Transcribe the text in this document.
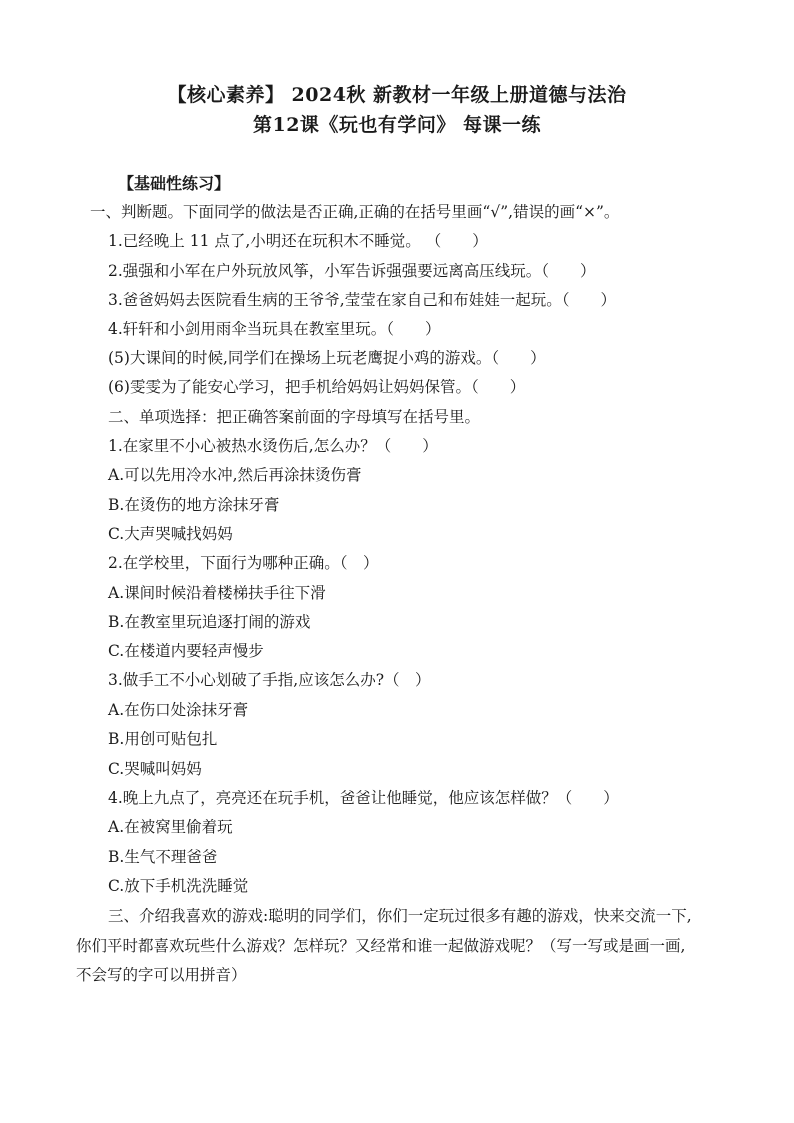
【核心素养】 2024秋 新教材一年级上册道德与法治
第12课《玩也有学问》 每课一练
【基础性练习】
一、判断题。下面同学的做法是否正确,正确的在括号里画“√”,错误的画“×”。
1.已经晚上 11 点了,小明还在玩积木不睡觉。 （　　）
2.强强和小军在户外玩放风筝，小军告诉强强要远离高压线玩。（　　）
3.爸爸妈妈去医院看生病的王爷爷,莹莹在家自己和布娃娃一起玩。（　　）
4.轩轩和小剑用雨伞当玩具在教室里玩。（　　）
(5)大课间的时候,同学们在操场上玩老鹰捉小鸡的游戏。（　　）
(6)雯雯为了能安心学习，把手机给妈妈让妈妈保管。（　　）
二、单项选择：把正确答案前面的字母填写在括号里。
1.在家里不小心被热水烫伤后,怎么办？（　　）
A.可以先用冷水冲,然后再涂抹烫伤膏
B.在烫伤的地方涂抹牙膏
C.大声哭喊找妈妈
2.在学校里，下面行为哪种正确。（　）
A.课间时候沿着楼梯扶手往下滑
B.在教室里玩追逐打闹的游戏
C.在楼道内要轻声慢步
3.做手工不小心划破了手指,应该怎么办?（　）
A.在伤口处涂抹牙膏
B.用创可贴包扎
C.哭喊叫妈妈
4.晚上九点了，亮亮还在玩手机，爸爸让他睡觉，他应该怎样做？（　　）
A.在被窝里偷着玩
B.生气不理爸爸
C.放下手机洗洗睡觉
三、介绍我喜欢的游戏:聪明的同学们，你们一定玩过很多有趣的游戏，快来交流一下,
你们平时都喜欢玩些什么游戏？怎样玩？又经常和谁一起做游戏呢？（写一写或是画一画,
不会写的字可以用拼音）
